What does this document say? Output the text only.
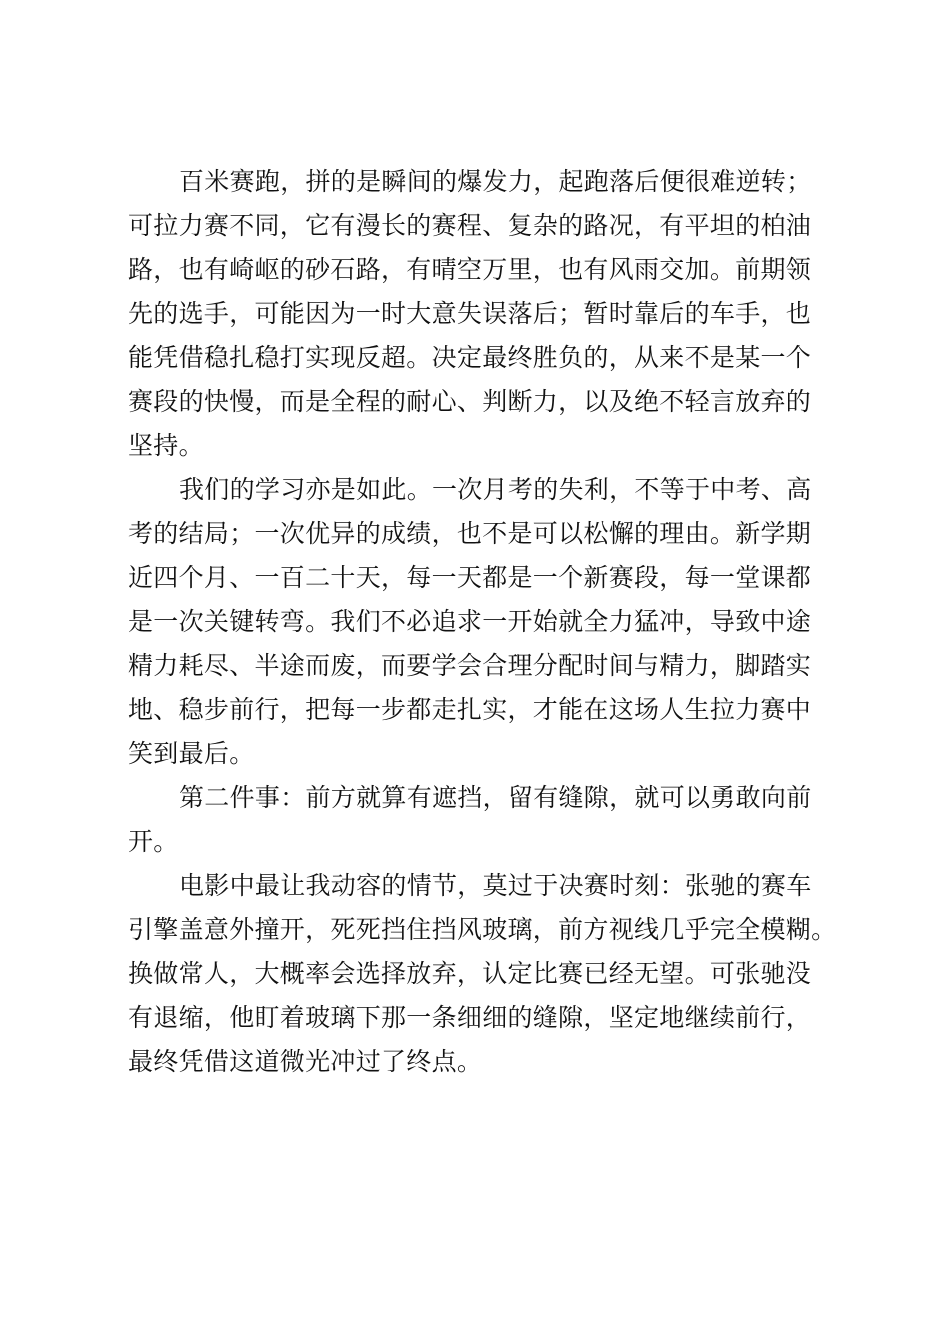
百米赛跑，拼的是瞬间的爆发力，起跑落后便很难逆转；
可拉力赛不同，它有漫长的赛程、复杂的路况，有平坦的柏油
路，也有崎岖的砂石路，有晴空万里，也有风雨交加。前期领
先的选手，可能因为一时大意失误落后；暂时靠后的车手，也
能凭借稳扎稳打实现反超。决定最终胜负的，从来不是某一个
赛段的快慢，而是全程的耐心、判断力，以及绝不轻言放弃的
坚持。

我们的学习亦是如此。一次月考的失利，不等于中考、高
考的结局；一次优异的成绩，也不是可以松懈的理由。新学期
近四个月、一百二十天，每一天都是一个新赛段，每一堂课都
是一次关键转弯。我们不必追求一开始就全力猛冲，导致中途
精力耗尽、半途而废，而要学会合理分配时间与精力，脚踏实
地、稳步前行，把每一步都走扎实，才能在这场人生拉力赛中
笑到最后。

第二件事：前方就算有遮挡，留有缝隙，就可以勇敢向前
开。

电影中最让我动容的情节，莫过于决赛时刻：张驰的赛车
引擎盖意外撞开，死死挡住挡风玻璃，前方视线几乎完全模糊。
换做常人，大概率会选择放弃，认定比赛已经无望。可张驰没
有退缩，他盯着玻璃下那一条细细的缝隙，坚定地继续前行，
最终凭借这道微光冲过了终点。
